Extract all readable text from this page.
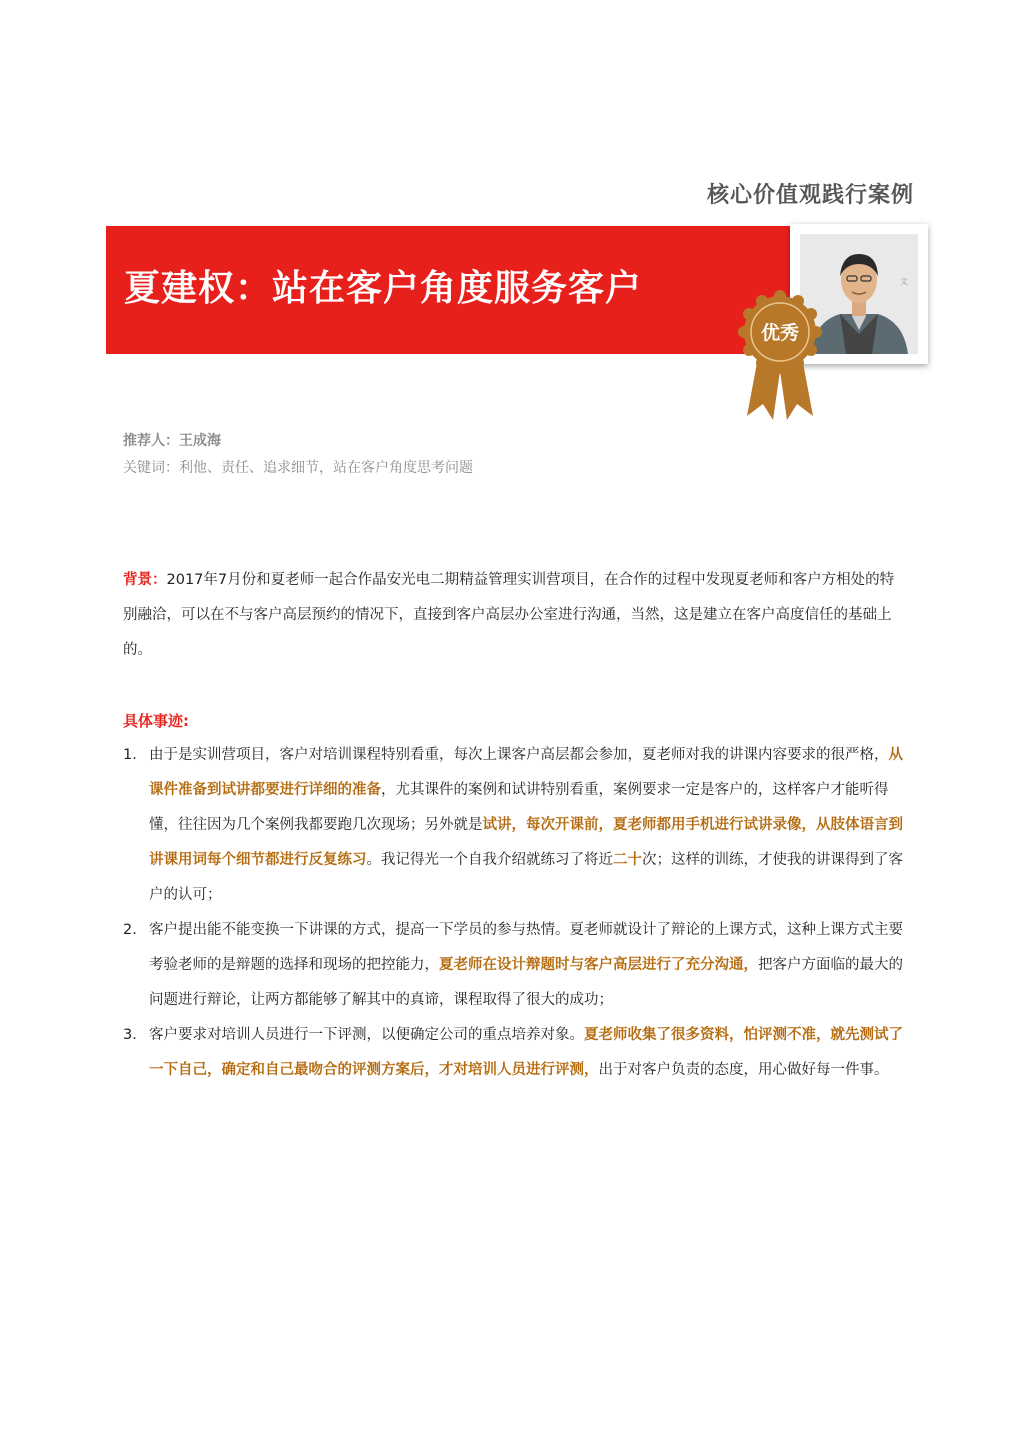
核心价值观践行案例
夏建权：站在客户角度服务客户	文
优秀
推荐人：王成海
关键词：利他、责任、追求细节，站在客户角度思考问题
背景：2017年7月份和夏老师一起合作晶安光电二期精益管理实训营项目，在合作的过程中发现夏老师和客户方相处的特别融洽，可以在不与客户高层预约的情况下，直接到客户高层办公室进行沟通，当然，这是建立在客户高度信任的基础上的。
具体事迹:
1. 由于是实训营项目，客户对培训课程特别看重，每次上课客户高层都会参加，夏老师对我的讲课内容要求的很严格，从课件准备到试讲都要进行详细的准备，尤其课件的案例和试讲特别看重，案例要求一定是客户的，这样客户才能听得懂，往往因为几个案例我都要跑几次现场；另外就是试讲，每次开课前，夏老师都用手机进行试讲录像，从肢体语言到讲课用词每个细节都进行反复练习。我记得光一个自我介绍就练习了将近二十次；这样的训练，才使我的讲课得到了客户的认可；
2. 客户提出能不能变换一下讲课的方式，提高一下学员的参与热情。夏老师就设计了辩论的上课方式，这种上课方式主要考验老师的是辩题的选择和现场的把控能力，夏老师在设计辩题时与客户高层进行了充分沟通，把客户方面临的最大的问题进行辩论，让两方都能够了解其中的真谛，课程取得了很大的成功；
3. 客户要求对培训人员进行一下评测，以便确定公司的重点培养对象。夏老师收集了很多资料，怕评测不准，就先测试了一下自己，确定和自己最吻合的评测方案后，才对培训人员进行评测，出于对客户负责的态度，用心做好每一件事。
